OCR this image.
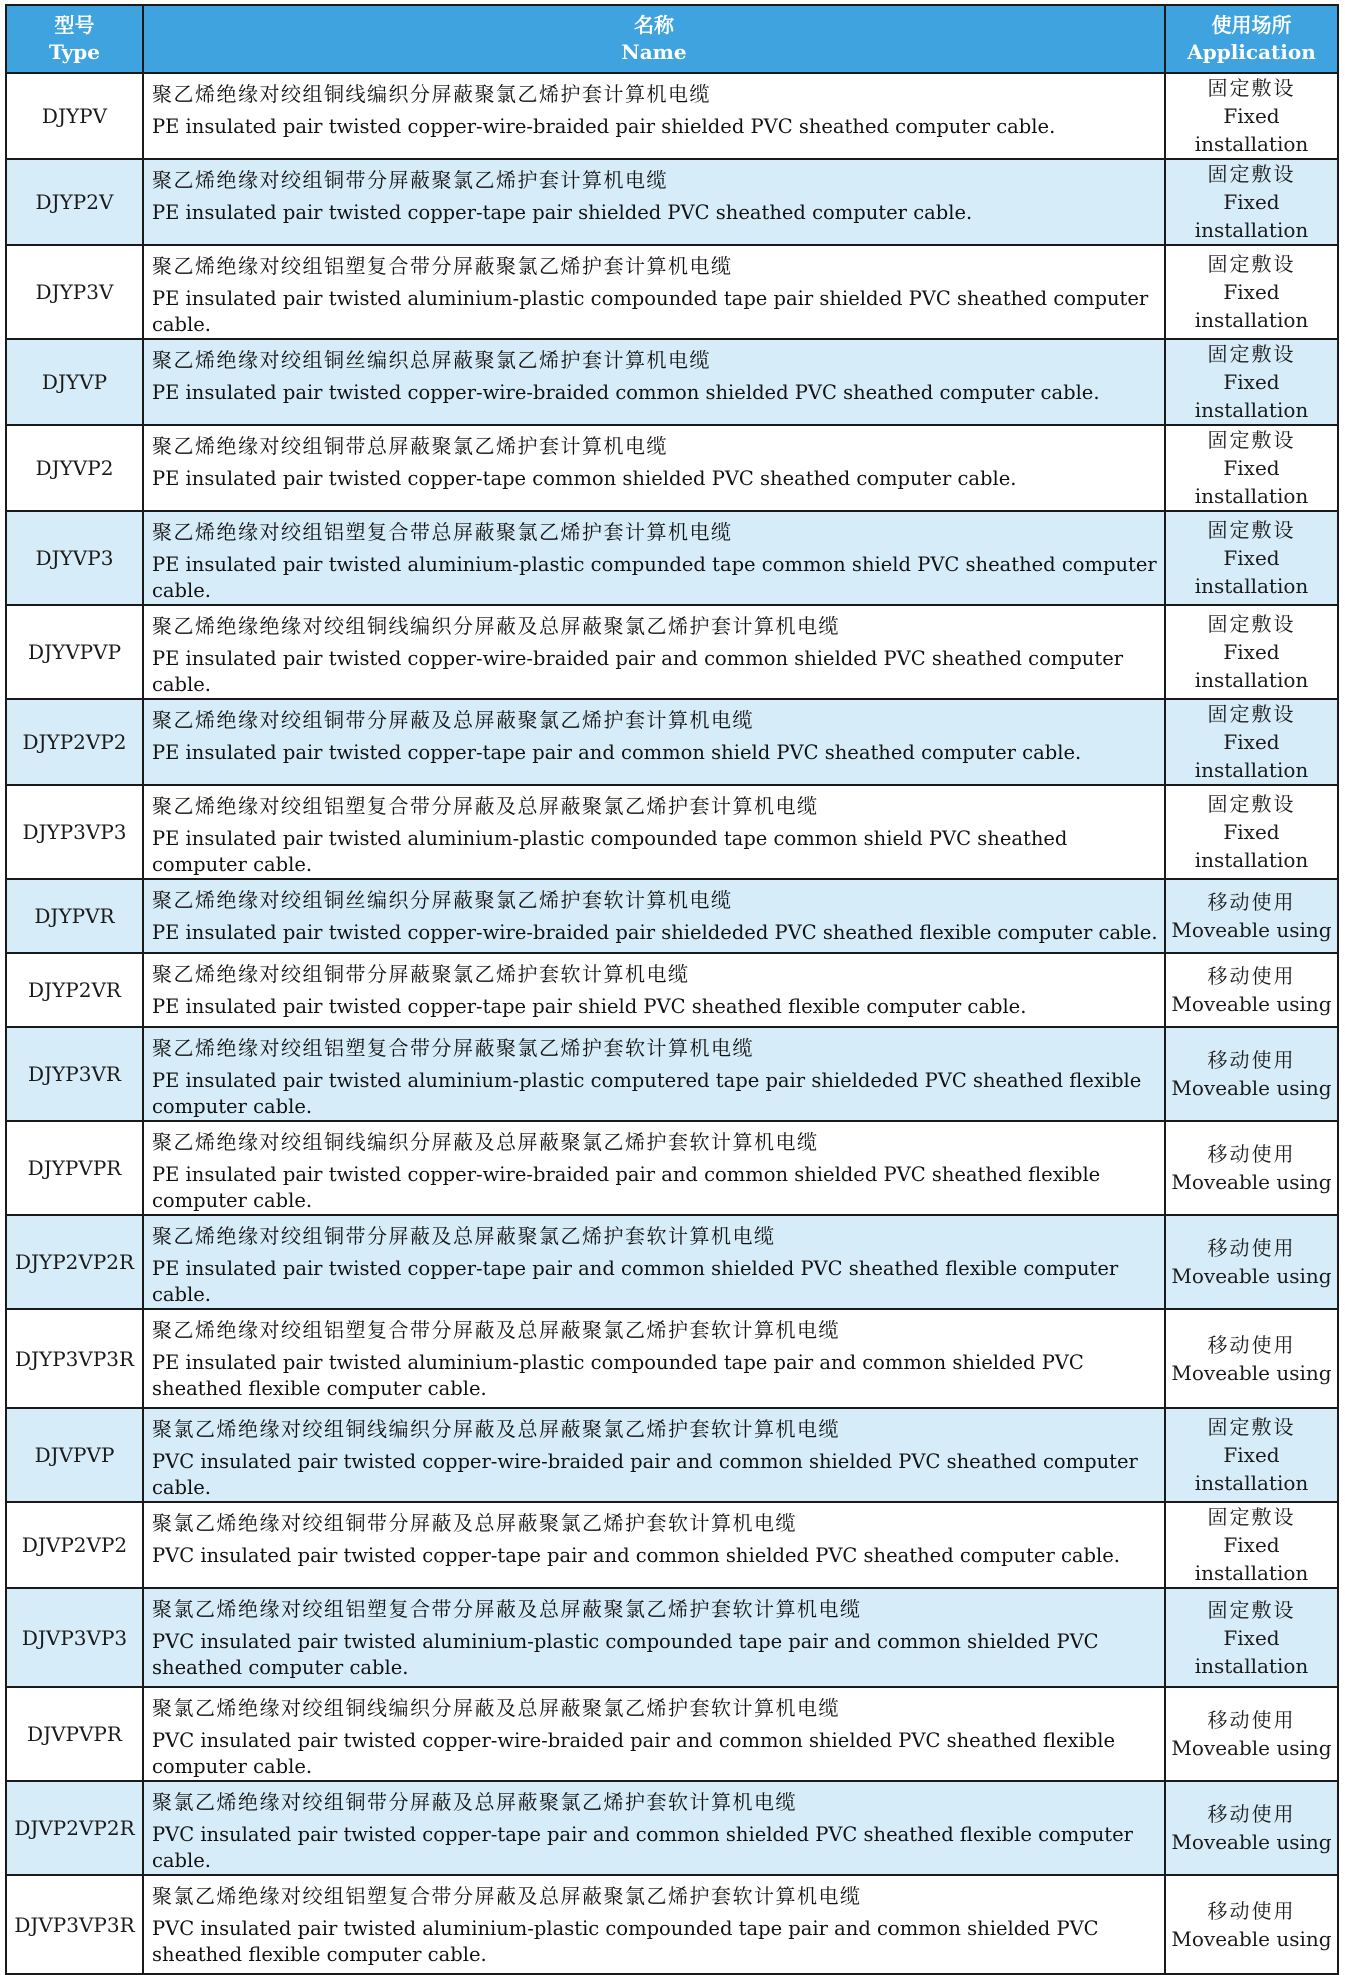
型号
Type	名称
Name	使用场所
Application

DJYPV	聚乙烯绝缘对绞组铜线编织分屏蔽聚氯乙烯护套计算机电缆
PE insulated pair twisted copper-wire-braided pair shielded PVC sheathed computer cable.	固定敷设
Fixed installation

DJYP2V	聚乙烯绝缘对绞组铜带分屏蔽聚氯乙烯护套计算机电缆
PE insulated pair twisted copper-tape pair shielded PVC sheathed computer cable.	固定敷设
Fixed installation

DJYP3V	聚乙烯绝缘对绞组铝塑复合带分屏蔽聚氯乙烯护套计算机电缆
PE insulated pair twisted aluminium-plastic compounded tape pair shielded PVC sheathed computer cable.	固定敷设
Fixed installation

DJYVP	聚乙烯绝缘对绞组铜丝编织总屏蔽聚氯乙烯护套计算机电缆
PE insulated pair twisted copper-wire-braided common shielded PVC sheathed computer cable.	固定敷设
Fixed installation

DJYVP2	聚乙烯绝缘对绞组铜带总屏蔽聚氯乙烯护套计算机电缆
PE insulated pair twisted copper-tape common shielded PVC sheathed computer cable.	固定敷设
Fixed installation

DJYVP3	聚乙烯绝缘对绞组铝塑复合带总屏蔽聚氯乙烯护套计算机电缆
PE insulated pair twisted aluminium-plastic compunded tape common shield PVC sheathed computer cable.	固定敷设
Fixed installation

DJYVPVP	聚乙烯绝缘绝缘对绞组铜线编织分屏蔽及总屏蔽聚氯乙烯护套计算机电缆
PE insulated pair twisted copper-wire-braided pair and common shielded PVC sheathed computer cable.	固定敷设
Fixed installation

DJYP2VP2	聚乙烯绝缘对绞组铜带分屏蔽及总屏蔽聚氯乙烯护套计算机电缆
PE insulated pair twisted copper-tape pair and common shield PVC sheathed computer cable.	固定敷设
Fixed installation

DJYP3VP3	聚乙烯绝缘对绞组铝塑复合带分屏蔽及总屏蔽聚氯乙烯护套计算机电缆
PE insulated pair twisted aluminium-plastic compounded tape common shield PVC sheathed computer cable.	固定敷设
Fixed installation

DJYPVR	聚乙烯绝缘对绞组铜丝编织分屏蔽聚氯乙烯护套软计算机电缆
PE insulated pair twisted copper-wire-braided pair shieldeded PVC sheathed flexible computer cable.	移动使用
Moveable using

DJYP2VR	聚乙烯绝缘对绞组铜带分屏蔽聚氯乙烯护套软计算机电缆
PE insulated pair twisted copper-tape pair shield PVC sheathed flexible computer cable.	移动使用
Moveable using

DJYP3VR	聚乙烯绝缘对绞组铝塑复合带分屏蔽聚氯乙烯护套软计算机电缆
PE insulated pair twisted aluminium-plastic computered tape pair shieldeded PVC sheathed flexible computer cable.	移动使用
Moveable using

DJYPVPR	聚乙烯绝缘对绞组铜线编织分屏蔽及总屏蔽聚氯乙烯护套软计算机电缆
PE insulated pair twisted copper-wire-braided pair and common shielded PVC sheathed flexible computer cable.	移动使用
Moveable using

DJYP2VP2R	聚乙烯绝缘对绞组铜带分屏蔽及总屏蔽聚氯乙烯护套软计算机电缆
PE insulated pair twisted copper-tape pair and common shielded PVC sheathed flexible computer cable.	移动使用
Moveable using

DJYP3VP3R	聚乙烯绝缘对绞组铝塑复合带分屏蔽及总屏蔽聚氯乙烯护套软计算机电缆
PE insulated pair twisted aluminium-plastic compounded tape pair and common shielded PVC sheathed flexible computer cable.	移动使用
Moveable using

DJVPVP	聚氯乙烯绝缘对绞组铜线编织分屏蔽及总屏蔽聚氯乙烯护套软计算机电缆
PVC insulated pair twisted copper-wire-braided pair and common shielded PVC sheathed computer cable.	固定敷设
Fixed installation

DJVP2VP2	聚氯乙烯绝缘对绞组铜带分屏蔽及总屏蔽聚氯乙烯护套软计算机电缆
PVC insulated pair twisted copper-tape pair and common shielded PVC sheathed computer cable.	固定敷设
Fixed installation

DJVP3VP3	聚氯乙烯绝缘对绞组铝塑复合带分屏蔽及总屏蔽聚氯乙烯护套软计算机电缆
PVC insulated pair twisted aluminium-plastic compounded tape pair and common shielded PVC sheathed computer cable.	固定敷设
Fixed installation

DJVPVPR	聚氯乙烯绝缘对绞组铜线编织分屏蔽及总屏蔽聚氯乙烯护套软计算机电缆
PVC insulated pair twisted copper-wire-braided pair and common shielded PVC sheathed flexible computer cable.	移动使用
Moveable using

DJVP2VP2R	聚氯乙烯绝缘对绞组铜带分屏蔽及总屏蔽聚氯乙烯护套软计算机电缆
PVC insulated pair twisted copper-tape pair and common shielded PVC sheathed flexible computer cable.	移动使用
Moveable using

DJVP3VP3R	聚氯乙烯绝缘对绞组铝塑复合带分屏蔽及总屏蔽聚氯乙烯护套软计算机电缆
PVC insulated pair twisted aluminium-plastic compounded tape pair and common shielded PVC sheathed flexible computer cable.	移动使用
Moveable using
